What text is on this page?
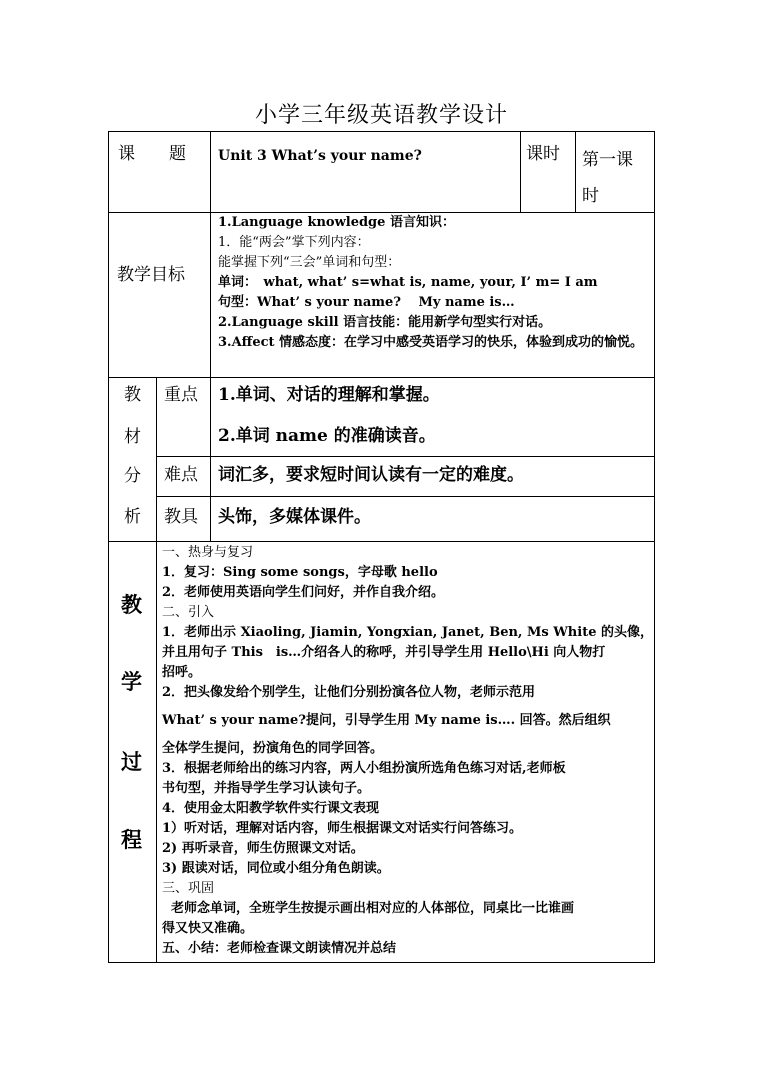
小学三年级英语教学设计
课　　题 Unit 3 What’s your name?	课时 第一课时
教学目标

1.Language knowledge 语言知识：

1．能“两会”掌下列内容：

能掌握下列“三会”单词和句型：

单词：　what, what’ s=what is, name, your, I’ m= I am

句型：What’ s your name?　 My name is…

2.Language skill 语言技能：能用新学句型实行对话。

3.Affect 情感态度：在学习中感受英语学习的快乐，体验到成功的愉悦。

教
材
分
析
重点 1.单词、对话的理解和掌握。
2.单词 name 的准确读音。
难点 词汇多，要求短时间认读有一定的难度。
教具 头饰，多媒体课件。
教
学
过
程

一、热身与复习

1．复习：Sing some songs，字母歌 hello

2．老师使用英语向学生们问好，并作自我介绍。

二、引入

1．老师出示 Xiaoling, Jiamin, Yongxian, Janet, Ben, Ms White 的头像，

并且用句子 This　is…介绍各人的称呼，并引导学生用 Hello\Hi 向人物打

招呼。

2．把头像发给个别学生，让他们分别扮演各位人物，老师示范用

What’ s your name?提问，引导学生用 My name is…. 回答。然后组织

全体学生提问，扮演角色的同学回答。

3．根据老师给出的练习内容，两人小组扮演所选角色练习对话,老师板

书句型，并指导学生学习认读句子。

4．使用金太阳教学软件实行课文表现

1）听对话，理解对话内容，师生根据课文对话实行问答练习。

2) 再听录音，师生仿照课文对话。

3) 跟读对话，同位或小组分角色朗读。

三、巩固

老师念单词，全班学生按提示画出相对应的人体部位，同桌比一比谁画

得又快又准确。

五、小结：老师检查课文朗读情况并总结
